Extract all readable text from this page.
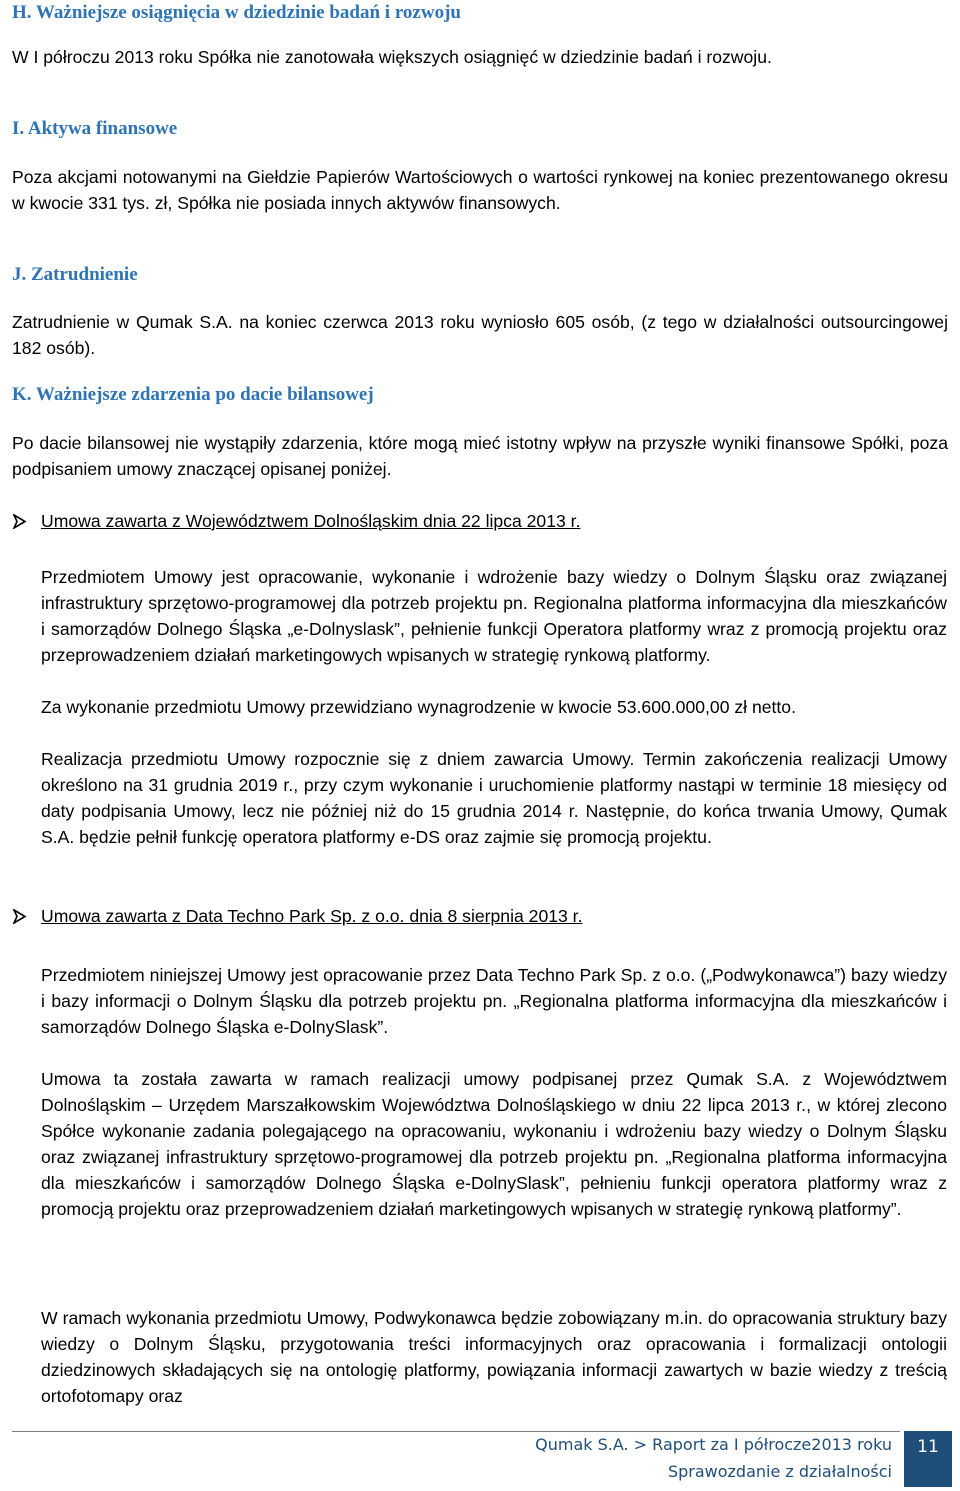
H. Ważniejsze osiągnięcia w dziedzinie badań i rozwoju

W I półroczu 2013 roku Spółka nie zanotowała większych osiągnięć w dziedzinie badań i rozwoju.

I. Aktywa finansowe

Poza akcjami notowanymi na Giełdzie Papierów Wartościowych o wartości rynkowej na koniec prezentowanego okresu w kwocie 331 tys. zł, Spółka nie posiada innych aktywów finansowych.

J. Zatrudnienie

Zatrudnienie w Qumak S.A. na koniec czerwca 2013 roku wyniosło 605 osób, (z tego w działalności outsourcingowej 182 osób).

K. Ważniejsze zdarzenia po dacie bilansowej

Po dacie bilansowej nie wystąpiły zdarzenia, które mogą mieć istotny wpływ na przyszłe wyniki finansowe Spółki, poza podpisaniem umowy znaczącej opisanej poniżej.

Umowa zawarta z Województwem Dolnośląskim dnia 22 lipca 2013 r.

Przedmiotem Umowy jest opracowanie, wykonanie i wdrożenie bazy wiedzy o Dolnym Śląsku oraz związanej infrastruktury sprzętowo-programowej dla potrzeb projektu pn. Regionalna platforma informacyjna dla mieszkańców i samorządów Dolnego Śląska „e-Dolnyslask”, pełnienie funkcji Operatora platformy wraz z promocją projektu oraz przeprowadzeniem działań marketingowych wpisanych w strategię rynkową platformy.

Za wykonanie przedmiotu Umowy przewidziano wynagrodzenie w kwocie 53.600.000,00 zł netto.

Realizacja przedmiotu Umowy rozpocznie się z dniem zawarcia Umowy. Termin zakończenia realizacji Umowy określono na 31 grudnia 2019 r., przy czym wykonanie i uruchomienie platformy nastąpi w terminie 18 miesięcy od daty podpisania Umowy, lecz nie później niż do 15 grudnia 2014 r. Następnie, do końca trwania Umowy, Qumak S.A. będzie pełnił funkcję operatora platformy e-DS oraz zajmie się promocją projektu.

Umowa zawarta z Data Techno Park Sp. z o.o. dnia 8 sierpnia 2013 r.

Przedmiotem niniejszej Umowy jest opracowanie przez Data Techno Park Sp. z o.o. („Podwykonawca”) bazy wiedzy i bazy informacji o Dolnym Śląsku dla potrzeb projektu pn. „Regionalna platforma informacyjna dla mieszkańców i samorządów Dolnego Śląska e-DolnySlask”.

Umowa ta została zawarta w ramach realizacji umowy podpisanej przez Qumak S.A. z Województwem Dolnośląskim – Urzędem Marszałkowskim Województwa Dolnośląskiego w dniu 22 lipca 2013 r., w której zlecono Spółce wykonanie zadania polegającego na opracowaniu, wykonaniu i wdrożeniu bazy wiedzy o Dolnym Śląsku oraz związanej infrastruktury sprzętowo-programowej dla potrzeb projektu pn. „Regionalna platforma informacyjna dla mieszkańców i samorządów Dolnego Śląska e-DolnySlask”, pełnieniu funkcji operatora platformy wraz z promocją projektu oraz przeprowadzeniem działań marketingowych wpisanych w strategię rynkową platformy”.

W ramach wykonania przedmiotu Umowy, Podwykonawca będzie zobowiązany m.in. do opracowania struktury bazy wiedzy o Dolnym Śląsku, przygotowania treści informacyjnych oraz opracowania i formalizacji ontologii dziedzinowych składających się na ontologię platformy, powiązania informacji zawartych w bazie wiedzy z treścią ortofotomapy oraz

Qumak S.A. > Raport za I półrocze2013 roku
Sprawozdanie z działalności
11
